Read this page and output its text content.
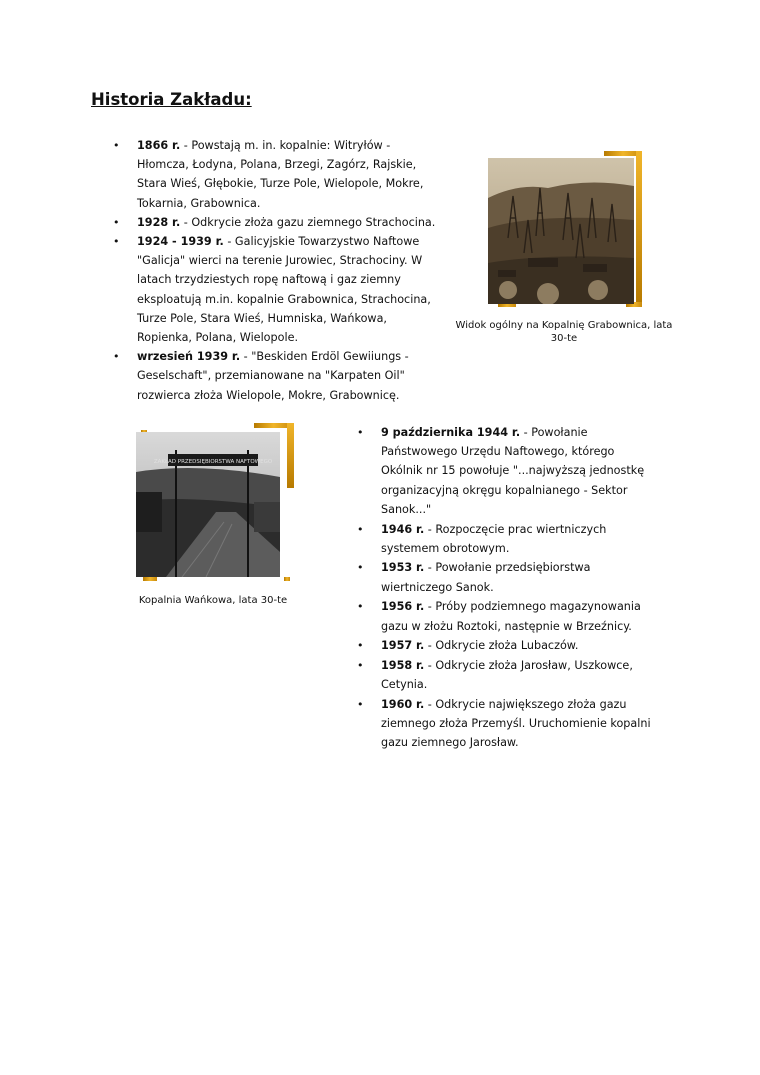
Historia Zakładu:
• 1866 r. - Powstają m. in. kopalnie: Witryłów - Hłomcza, Łodyna, Polana, Brzegi, Zagórz, Rajskie, Stara Wieś, Głębokie, Turze Pole, Wielopole, Mokre, Tokarnia, Grabownica.
• 1928 r. - Odkrycie złoża gazu ziemnego Strachocina.
• 1924 - 1939 r. - Galicyjskie Towarzystwo Naftowe "Galicja" wierci na terenie Jurowiec, Strachociny. W latach trzydziestych ropę naftową i gaz ziemny eksploatują m.in. kopalnie Grabownica, Strachocina, Turze Pole, Stara Wieś, Humniska, Wańkowa, Ropienka, Polana, Wielopole.
• wrzesień 1939 r. - "Beskiden Erdöl Gewiiungs - Geselschaft", przemianowane na "Karpaten Oil" rozwierca złoża Wielopole, Mokre, Grabownicę.
Widok ogólny na Kopalnię Grabownica, lata 30-te
• 9 października 1944 r. - Powołanie Państwowego Urzędu Naftowego, którego Okólnik nr 15 powołuje "...najwyższą jednostkę organizacyjną okręgu kopalnianego - Sektor Sanok..."
• 1946 r. - Rozpoczęcie prac wiertniczych systemem obrotowym.
• 1953 r. - Powołanie przedsiębiorstwa wiertniczego Sanok.
• 1956 r. - Próby podziemnego magazynowania gazu w złożu Roztoki, następnie w Brzeźnicy.
• 1957 r. - Odkrycie złoża Lubaczów.
• 1958 r. - Odkrycie złoża Jarosław, Uszkowce, Cetynia.
• 1960 r. - Odkrycie największego złoża gazu ziemnego złoża Przemyśl. Uruchomienie kopalni gazu ziemnego Jarosław.
ZAKŁAD PRZEDSIĘBIORSTWA NAFTOWEGO
Kopalnia Wańkowa, lata 30-te
